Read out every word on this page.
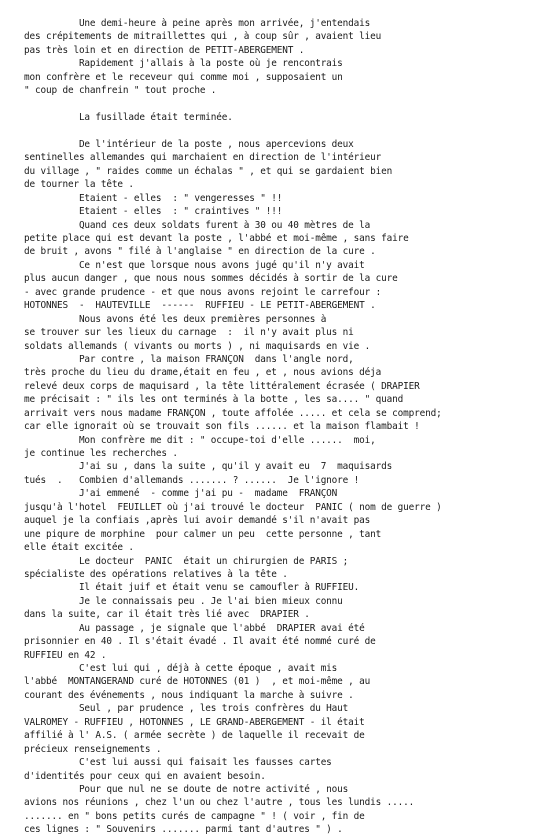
Une demi-heure à peine après mon arrivée, j'entendais
des crépitements de mitraillettes qui , à coup sûr , avaient lieu
pas très loin et en direction de PETIT-ABERGEMENT .
Rapidement j'allais à la poste où je rencontrais
mon confrère et le receveur qui comme moi , supposaient un
" coup de chanfrein " tout proche .
La fusillade était terminée.
De l'intérieur de la poste , nous apercevions deux
sentinelles allemandes qui marchaient en direction de l'intérieur
du village , " raides comme un échalas " , et qui se gardaient bien
de tourner la tête .
Etaient - elles  : " vengeresses " !!
Etaient - elles  : " craintives " !!!
Quand ces deux soldats furent à 30 ou 40 mètres de la
petite place qui est devant la poste , l'abbé et moi-même , sans faire
de bruit , avons " filé à l'anglaise " en direction de la cure .
Ce n'est que lorsque nous avons jugé qu'il n'y avait
plus aucun danger , que nous nous sommes décidés à sortir de la cure
- avec grande prudence - et que nous avons rejoint le carrefour :
HOTONNES  -  HAUTEVILLE  ------  RUFFIEU - LE PETIT-ABERGEMENT .
Nous avons été les deux premières personnes à
se trouver sur les lieux du carnage  :  il n'y avait plus ni
soldats allemands ( vivants ou morts ) , ni maquisards en vie .
Par contre , la maison FRANÇON  dans l'angle nord,
très proche du lieu du drame,était en feu , et , nous avions déja
relevé deux corps de maquisard , la tête littéralement écrasée ( DRAPIER
me précisait : " ils les ont terminés à la botte , les sa.... " quand
arrivait vers nous madame FRANÇON , toute affolée ..... et cela se comprend;
car elle ignorait où se trouvait son fils ...... et la maison flambait !
Mon confrère me dit : " occupe-toi d'elle ......  moi,
je continue les recherches .
J'ai su , dans la suite , qu'il y avait eu  7  maquisards
tués  .   Combien d'allemands ....... ? ......  Je l'ignore !
J'ai emmené  - comme j'ai pu -  madame  FRANÇON
jusqu'à l'hotel  FEUILLET où j'ai trouvé le docteur  PANIC ( nom de guerre )
auquel je la confiais ,après lui avoir demandé s'il n'avait pas
une piqure de morphine  pour calmer un peu  cette personne , tant
elle était excitée .
Le docteur  PANIC  était un chirurgien de PARIS ;
spécialiste des opérations relatives à la tête .
Il était juif et était venu se camoufler à RUFFIEU.
Je le connaissais peu . Je l'ai bien mieux connu
dans la suite, car il était très lié avec  DRAPIER .
Au passage , je signale que l'abbé  DRAPIER avai été
prisonnier en 40 . Il s'était évadé . Il avait été nommé curé de
RUFFIEU en 42 .
C'est lui qui , déjà à cette époque , avait mis
l'abbé  MONTANGERAND curé de HOTONNES (01 )  , et moi-même , au
courant des événements , nous indiquant la marche à suivre .
Seul , par prudence , les trois confrères du Haut
VALROMEY - RUFFIEU , HOTONNES , LE GRAND-ABERGEMENT - il était
affilié à l' A.S. ( armée secrète ) de laquelle il recevait de
précieux renseignements .
C'est lui aussi qui faisait les fausses cartes
d'identités pour ceux qui en avaient besoin.
Pour que nul ne se doute de notre activité , nous
avions nos réunions , chez l'un ou chez l'autre , tous les lundis .....
....... en " bons petits curés de campagne " ! ( voir , fin de
ces lignes : " Souvenirs ....... parmi tant d'autres " ) .
